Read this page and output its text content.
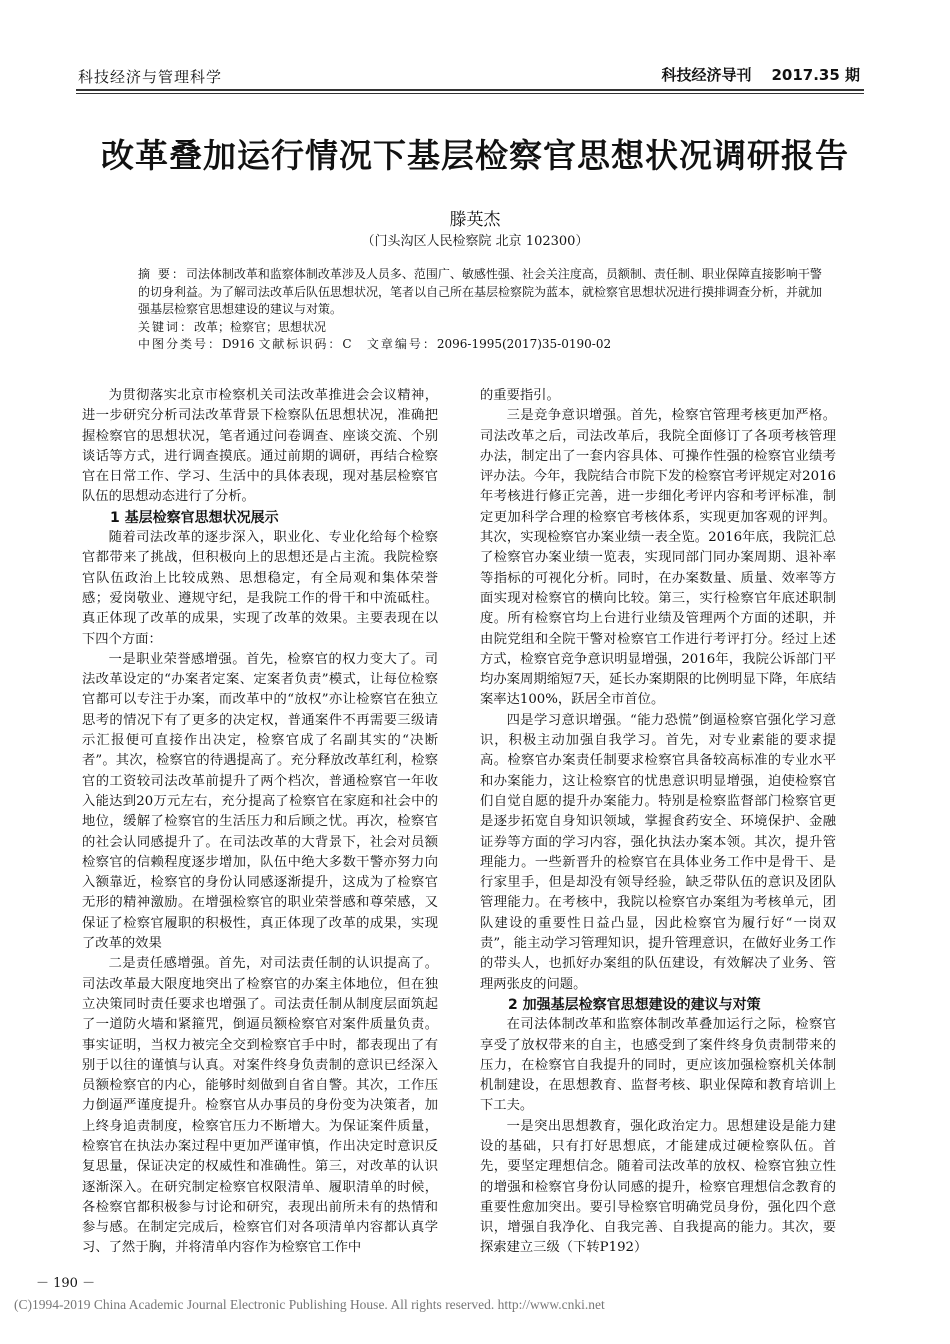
科技经济与管理科学	科技经济导刊 2017.35 期
改革叠加运行情况下基层检察官思想状况调研报告
滕英杰
（门头沟区人民检察院 北京 102300）
摘 要：司法体制改革和监察体制改革涉及人员多、范围广、敏感性强、社会关注度高，员额制、责任制、职业保障直接影响干警的切身利益。为了解司法改革后队伍思想状况，笔者以自己所在基层检察院为蓝本，就检察官思想状况进行摸排调查分析，并就加强基层检察官思想建设的建议与对策。
关键词：改革；检察官；思想状况
中图分类号：D916 文献标识码：C 文章编号：2096-1995(2017)35-0190-02

为贯彻落实北京市检察机关司法改革推进会会议精神，进一步研究分析司法改革背景下检察队伍思想状况，准确把握检察官的思想状况，笔者通过问卷调查、座谈交流、个别谈话等方式，进行调查摸底。通过前期的调研，再结合检察官在日常工作、学习、生活中的具体表现，现对基层检察官队伍的思想动态进行了分析。

1 基层检察官思想状况展示

随着司法改革的逐步深入，职业化、专业化给每个检察官都带来了挑战，但积极向上的思想还是占主流。我院检察官队伍政治上比较成熟、思想稳定，有全局观和集体荣誉感；爱岗敬业、遵规守纪，是我院工作的骨干和中流砥柱。真正体现了改革的成果，实现了改革的效果。主要表现在以下四个方面：

一是职业荣誉感增强。首先，检察官的权力变大了。司法改革设定的“办案者定案、定案者负责”模式，让每位检察官都可以专注于办案，而改革中的“放权”亦让检察官在独立思考的情况下有了更多的决定权，普通案件不再需要三级请示汇报便可直接作出决定，检察官成了名副其实的“决断者”。其次，检察官的待遇提高了。充分释放改革红利，检察官的工资较司法改革前提升了两个档次，普通检察官一年收入能达到20万元左右，充分提高了检察官在家庭和社会中的地位，缓解了检察官的生活压力和后顾之忧。再次，检察官的社会认同感提升了。在司法改革的大背景下，社会对员额检察官的信赖程度逐步增加，队伍中绝大多数干警亦努力向入额靠近，检察官的身份认同感逐渐提升，这成为了检察官无形的精神激励。在增强检察官的职业荣誉感和尊荣感，又保证了检察官履职的积极性，真正体现了改革的成果，实现了改革的效果

二是责任感增强。首先，对司法责任制的认识提高了。司法改革最大限度地突出了检察官的办案主体地位，但在独立决策同时责任要求也增强了。司法责任制从制度层面筑起了一道防火墙和紧箍咒，倒逼员额检察官对案件质量负责。事实证明，当权力被完全交到检察官手中时，都表现出了有别于以往的谨慎与认真。对案件终身负责制的意识已经深入员额检察官的内心，能够时刻做到自省自警。其次，工作压力倒逼严谨度提升。检察官从办事员的身份变为决策者，加上终身追责制度，检察官压力不断增大。为保证案件质量，检察官在执法办案过程中更加严谨审慎，作出决定时意识反复思量，保证决定的权威性和准确性。第三，对改革的认识逐渐深入。在研究制定检察官权限清单、履职清单的时候，各检察官都积极参与讨论和研究，表现出前所未有的热情和参与感。在制定完成后，检察官们对各项清单内容都认真学习、了然于胸，并将清单内容作为检察官工作中

的重要指引。

三是竞争意识增强。首先，检察官管理考核更加严格。司法改革之后，司法改革后，我院全面修订了各项考核管理办法，制定出了一套内容具体、可操作性强的检察官业绩考评办法。今年，我院结合市院下发的检察官考评规定对2016年考核进行修正完善，进一步细化考评内容和考评标准，制定更加科学合理的检察官考核体系，实现更加客观的评判。其次，实现检察官办案业绩一表全览。2016年底，我院汇总了检察官办案业绩一览表，实现同部门同办案周期、退补率等指标的可视化分析。同时，在办案数量、质量、效率等方面实现对检察官的横向比较。第三，实行检察官年底述职制度。所有检察官均上台进行业绩及管理两个方面的述职，并由院党组和全院干警对检察官工作进行考评打分。经过上述方式，检察官竞争意识明显增强，2016年，我院公诉部门平均办案周期缩短7天，延长办案期限的比例明显下降，年底结案率达100%，跃居全市首位。

四是学习意识增强。“能力恐慌”倒逼检察官强化学习意识，积极主动加强自我学习。首先，对专业素能的要求提高。检察官办案责任制要求检察官具备较高标准的专业水平和办案能力，这让检察官的忧患意识明显增强，迫使检察官们自觉自愿的提升办案能力。特别是检察监督部门检察官更是逐步拓宽自身知识领域，掌握食药安全、环境保护、金融证券等方面的学习内容，强化执法办案本领。其次，提升管理能力。一些新晋升的检察官在具体业务工作中是骨干、是行家里手，但是却没有领导经验，缺乏带队伍的意识及团队管理能力。在考核中，我院以检察官办案组为考核单元，团队建设的重要性日益凸显，因此检察官为履行好“一岗双责”，能主动学习管理知识，提升管理意识，在做好业务工作的带头人，也抓好办案组的队伍建设，有效解决了业务、管理两张皮的问题。

2 加强基层检察官思想建设的建议与对策

在司法体制改革和监察体制改革叠加运行之际，检察官享受了放权带来的自主，也感受到了案件终身负责制带来的压力，在检察官自我提升的同时，更应该加强检察机关体制机制建设，在思想教育、监督考核、职业保障和教育培训上下工夫。

一是突出思想教育，强化政治定力。思想建设是能力建设的基础，只有打好思想底，才能建成过硬检察队伍。首先，要坚定理想信念。随着司法改革的放权、检察官独立性的增强和检察官身份认同感的提升，检察官理想信念教育的重要性愈加突出。要引导检察官明确党员身份，强化四个意识，增强自我净化、自我完善、自我提高的能力。其次，要探索建立三级（下转P192）

－ 190 －
(C)1994-2019 China Academic Journal Electronic Publishing House. All rights reserved. http://www.cnki.net
